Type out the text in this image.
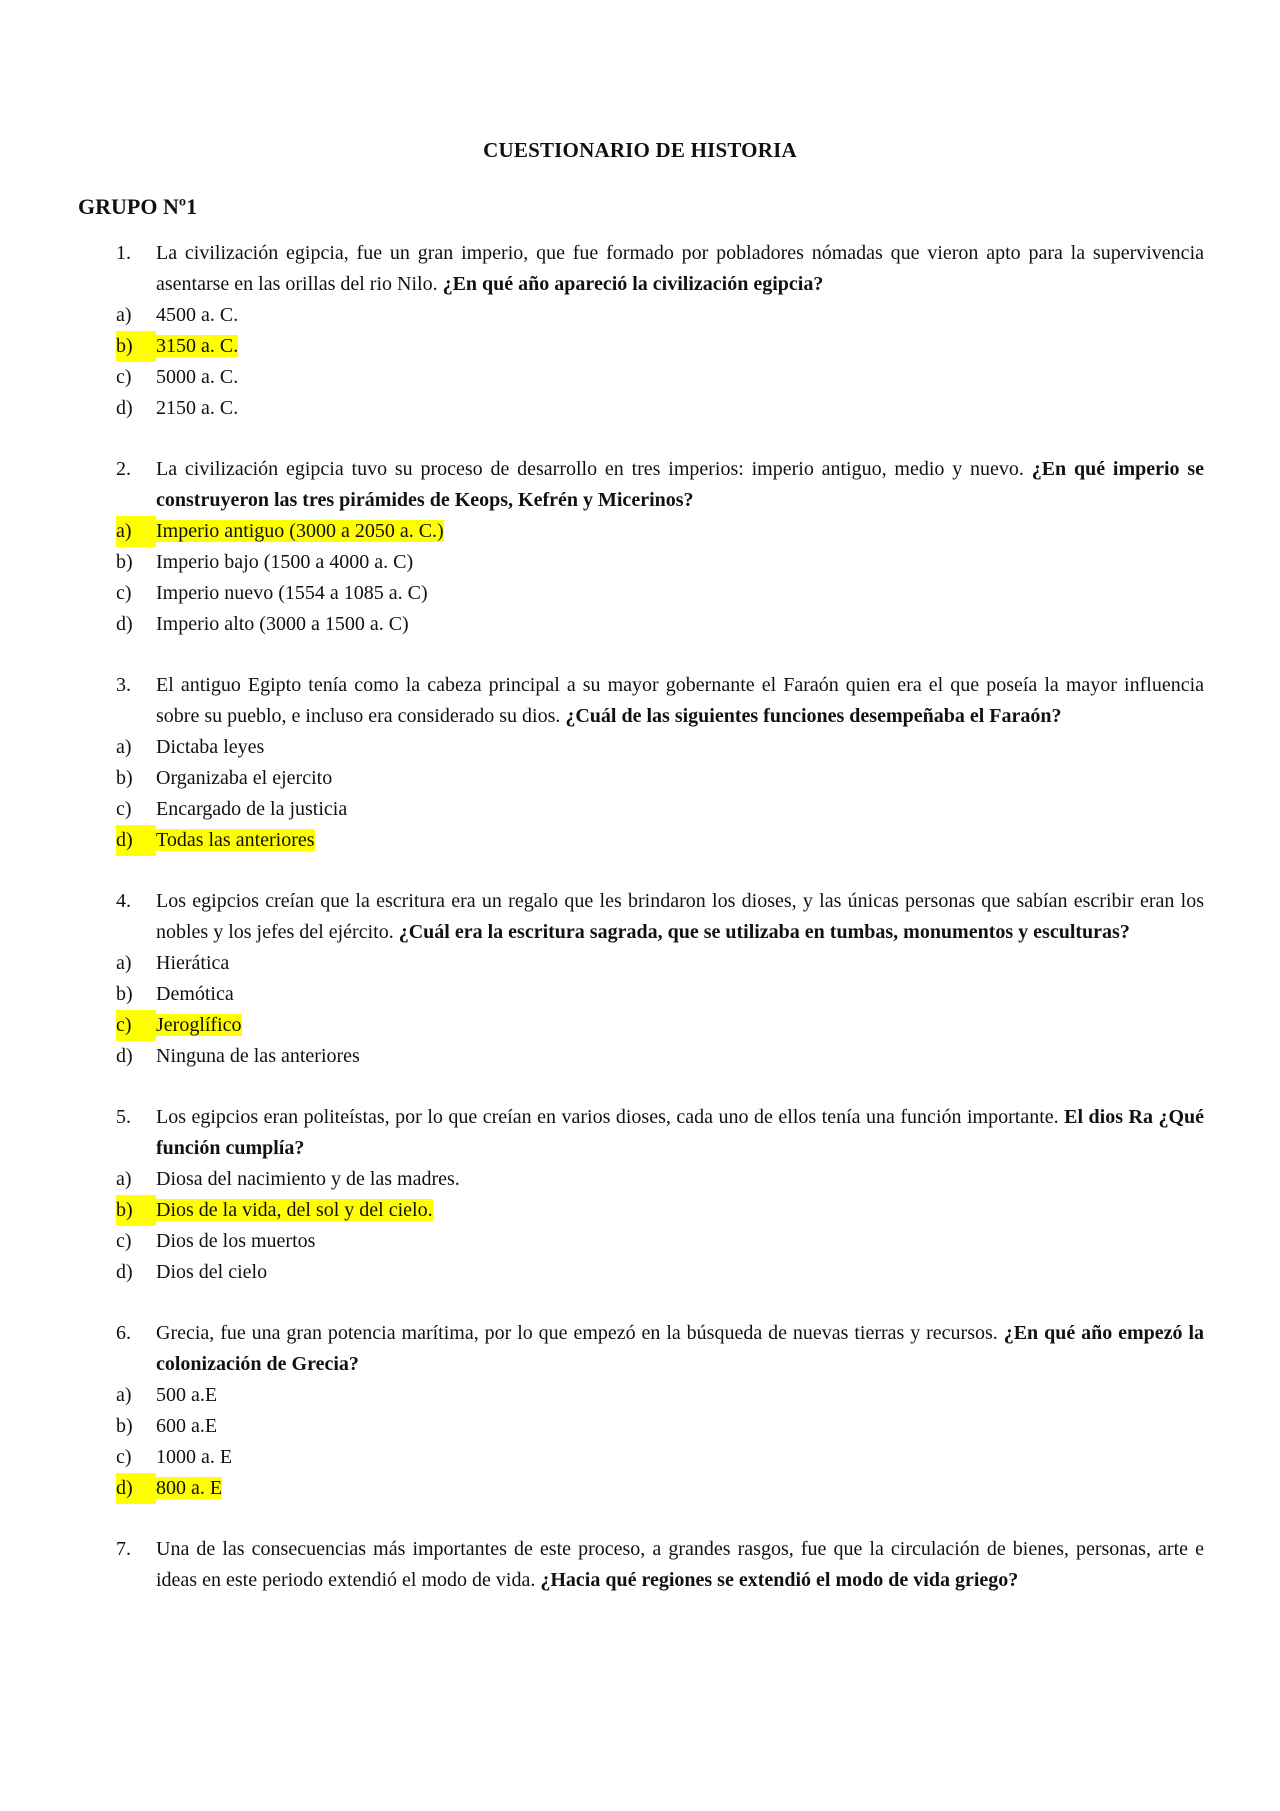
CUESTIONARIO DE HISTORIA
GRUPO Nº1
1.	La civilización egipcia, fue un gran imperio, que fue formado por pobladores nómadas que vieron apto para la supervivencia asentarse en las orillas del rio Nilo. ¿En qué año apareció la civilización egipcia?
a)	4500 a. C.
b)	3150 a. C.
c)	5000 a. C.
d)	2150 a. C.
2.	La civilización egipcia tuvo su proceso de desarrollo en tres imperios: imperio antiguo, medio y nuevo. ¿En qué imperio se construyeron las tres pirámides de Keops, Kefrén y Micerinos?
a)	Imperio antiguo (3000 a 2050 a. C.)
b)	Imperio bajo (1500 a 4000 a. C)
c)	Imperio nuevo (1554 a 1085 a. C)
d)	Imperio alto (3000 a 1500 a. C)
3.	El antiguo Egipto tenía como la cabeza principal a su mayor gobernante el Faraón quien era el que poseía la mayor influencia sobre su pueblo, e incluso era considerado su dios. ¿Cuál de las siguientes funciones desempeñaba el Faraón?
a)	Dictaba leyes
b)	Organizaba el ejercito
c)	Encargado de la justicia
d)	Todas las anteriores
4.	Los egipcios creían que la escritura era un regalo que les brindaron los dioses, y las únicas personas que sabían escribir eran los nobles y los jefes del ejército. ¿Cuál era la escritura sagrada, que se utilizaba en tumbas, monumentos y esculturas?
a)	Hierática
b)	Demótica
c)	Jeroglífico
d)	Ninguna de las anteriores
5.	Los egipcios eran politeístas, por lo que creían en varios dioses, cada uno de ellos tenía una función importante. El dios Ra ¿Qué función cumplía?
a)	Diosa del nacimiento y de las madres.
b)	Dios de la vida, del sol y del cielo.
c)	Dios de los muertos
d)	Dios del cielo
6.	Grecia, fue una gran potencia marítima, por lo que empezó en la búsqueda de nuevas tierras y recursos. ¿En qué año empezó la colonización de Grecia?
a)	500 a.E
b)	600 a.E
c)	1000 a. E
d)	800 a. E
7.	Una de las consecuencias más importantes de este proceso, a grandes rasgos, fue que la circulación de bienes, personas, arte e ideas en este periodo extendió el modo de vida. ¿Hacia qué regiones se extendió el modo de vida griego?
